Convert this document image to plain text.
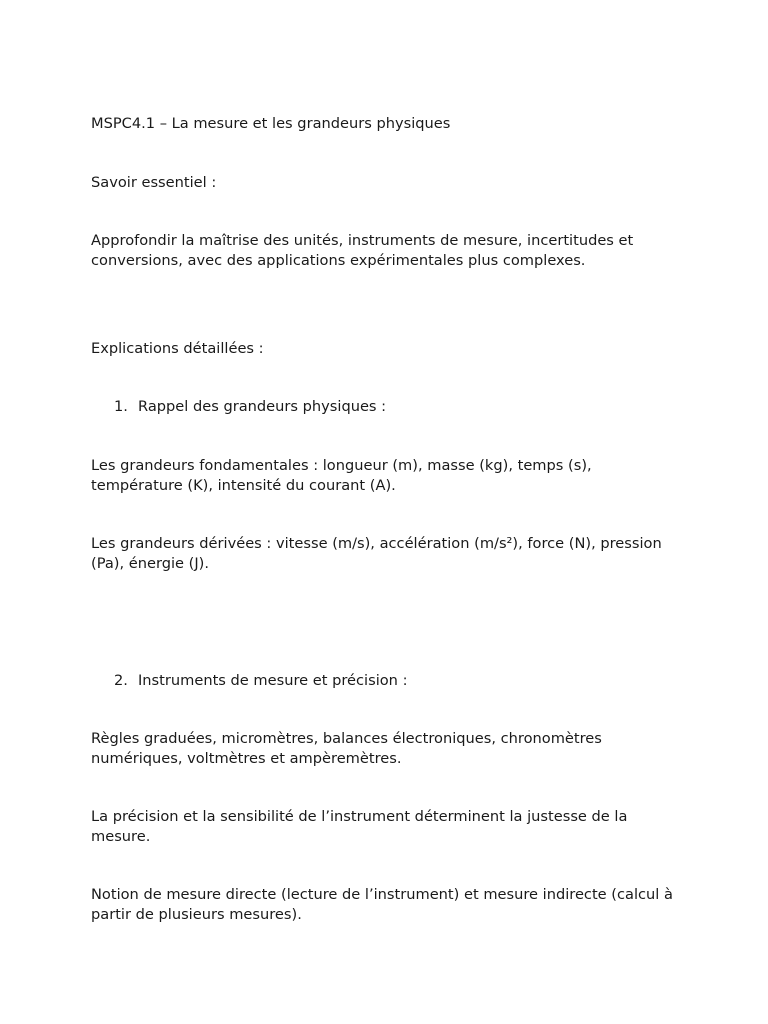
MSPC4.1 – La mesure et les grandeurs physiques

Savoir essentiel :

Approfondir la maîtrise des unités, instruments de mesure, incertitudes et conversions, avec des applications expérimentales plus complexes.

Explications détaillées :

1. Rappel des grandeurs physiques :

Les grandeurs fondamentales : longueur (m), masse (kg), temps (s), température (K), intensité du courant (A).

Les grandeurs dérivées : vitesse (m/s), accélération (m/s²), force (N), pression (Pa), énergie (J).

2. Instruments de mesure et précision :

Règles graduées, micromètres, balances électroniques, chronomètres numériques, voltmètres et ampèremètres.

La précision et la sensibilité de l’instrument déterminent la justesse de la mesure.

Notion de mesure directe (lecture de l’instrument) et mesure indirecte (calcul à partir de plusieurs mesures).
